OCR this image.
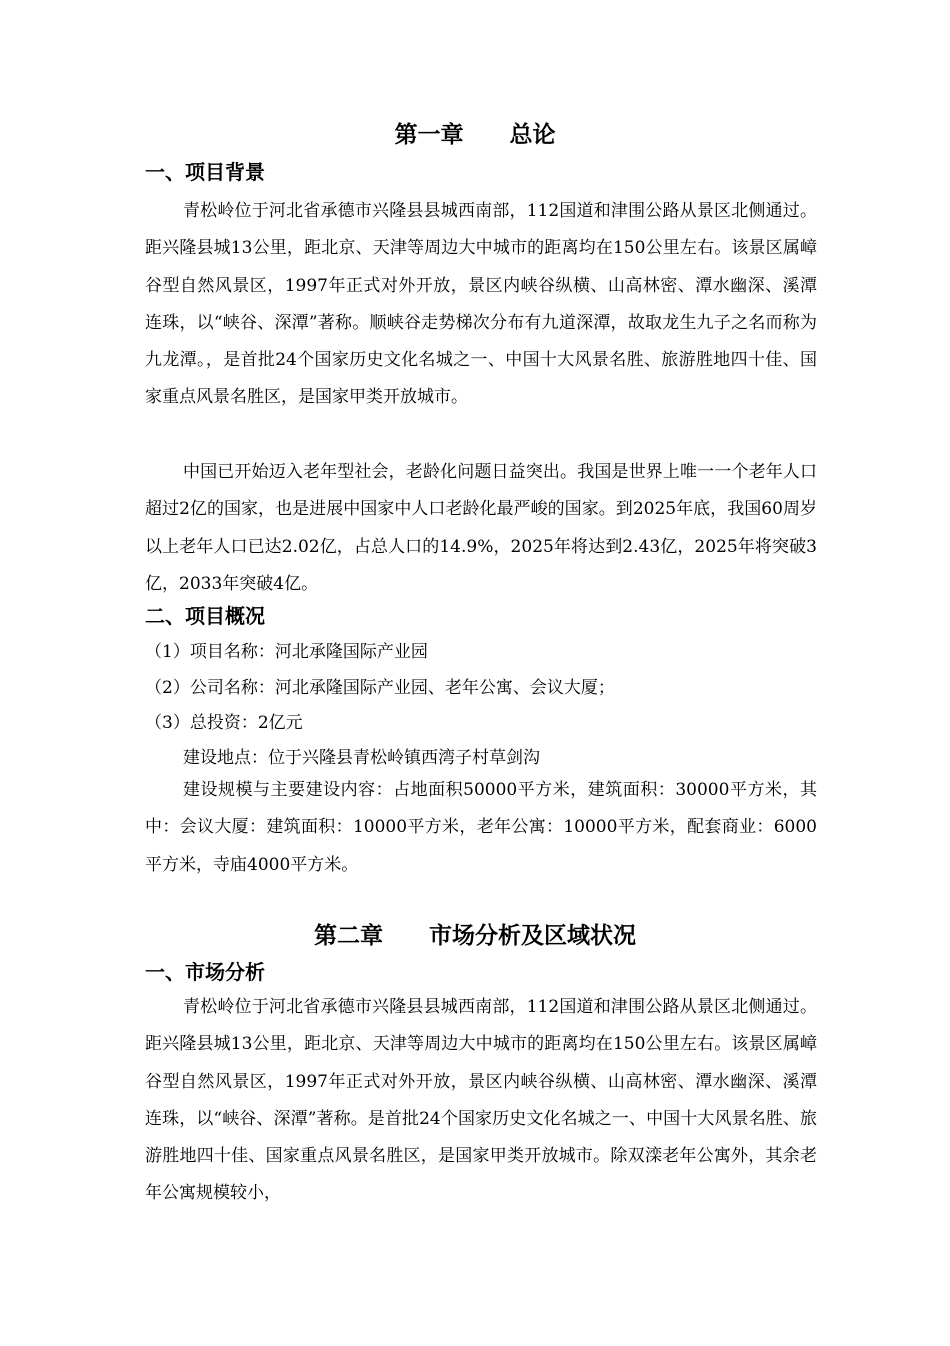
第一章　　总论
一、项目背景

青松岭位于河北省承德市兴隆县县城西南部，112国道和津围公路从景区北侧通过。距兴隆县城13公里，距北京、天津等周边大中城市的距离均在150公里左右。该景区属嶂谷型自然风景区，1997年正式对外开放，景区内峡谷纵横、山高林密、潭水幽深、溪潭连珠，以“峡谷、深潭”著称。顺峡谷走势梯次分布有九道深潭，故取龙生九子之名而称为九龙潭。，是首批24个国家历史文化名城之一、中国十大风景名胜、旅游胜地四十佳、国家重点风景名胜区，是国家甲类开放城市。

中国已开始迈入老年型社会，老龄化问题日益突出。我国是世界上唯一一个老年人口超过2亿的国家，也是进展中国家中人口老龄化最严峻的国家。到2025年底，我国60周岁以上老年人口已达2.02亿，占总人口的14.9%，2025年将达到2.43亿，2025年将突破3亿，2033年突破4亿。

二、项目概况

（1）项目名称：河北承隆国际产业园

（2）公司名称：河北承隆国际产业园、老年公寓、会议大厦；

（3）总投资：2亿元

建设地点：位于兴隆县青松岭镇西湾子村草剑沟

建设规模与主要建设内容：占地面积50000平方米，建筑面积：30000平方米，其中：会议大厦：建筑面积：10000平方米，老年公寓：10000平方米，配套商业：6000平方米，寺庙4000平方米。

第二章　　市场分析及区域状况
一、市场分析

青松岭位于河北省承德市兴隆县县城西南部，112国道和津围公路从景区北侧通过。距兴隆县城13公里，距北京、天津等周边大中城市的距离均在150公里左右。该景区属嶂谷型自然风景区，1997年正式对外开放，景区内峡谷纵横、山高林密、潭水幽深、溪潭连珠，以“峡谷、深潭”著称。是首批24个国家历史文化名城之一、中国十大风景名胜、旅游胜地四十佳、国家重点风景名胜区，是国家甲类开放城市。除双滦老年公寓外，其余老年公寓规模较小，
